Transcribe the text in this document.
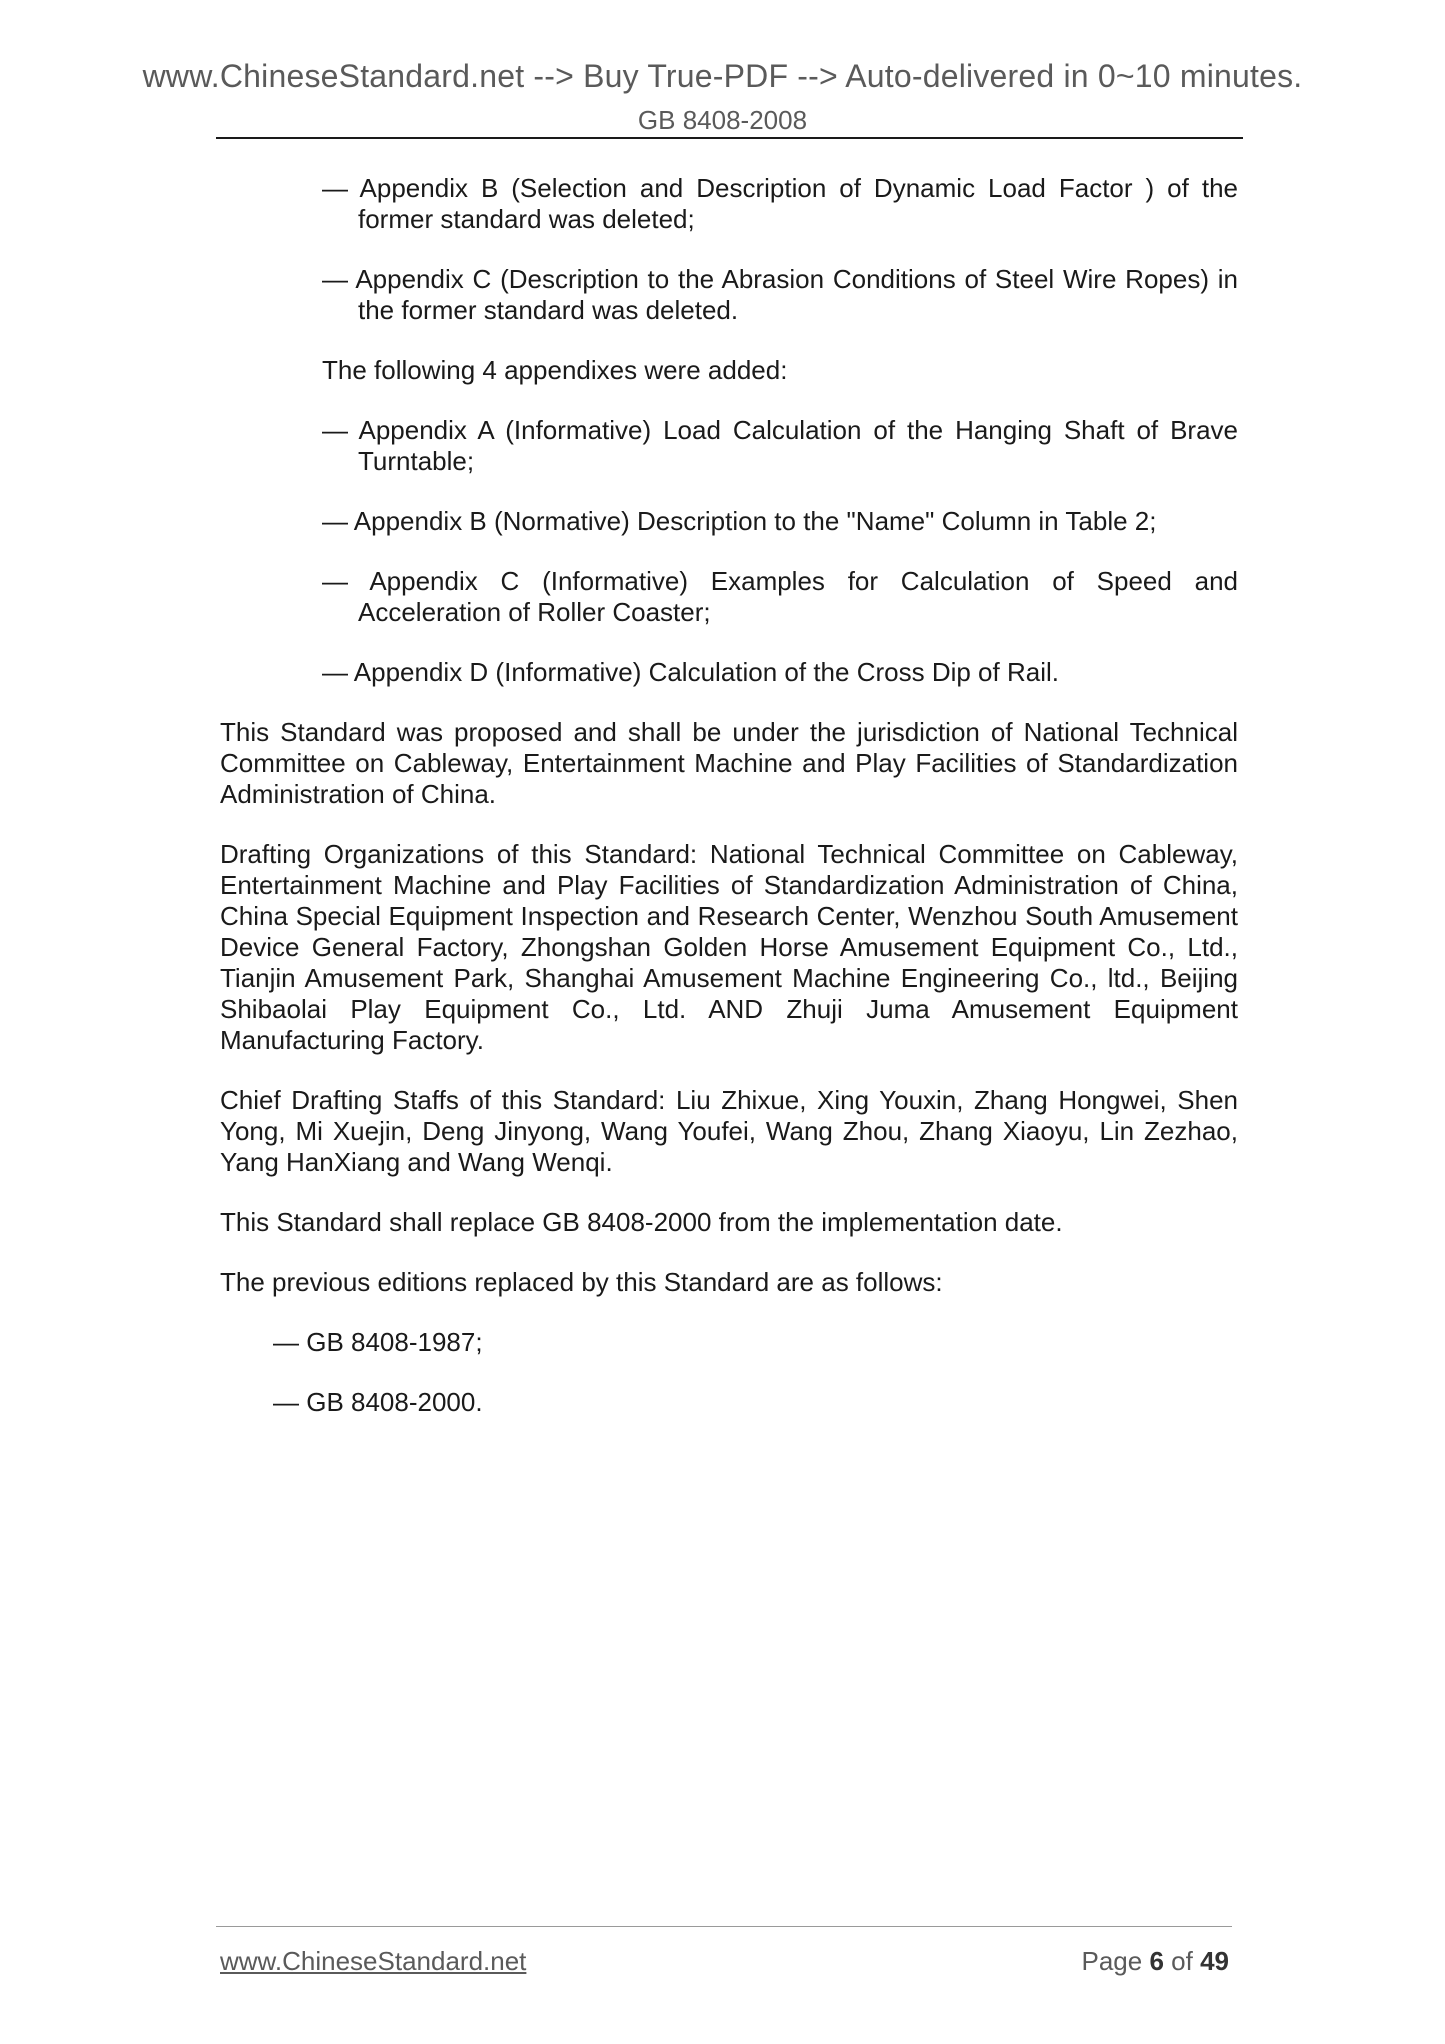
www.ChineseStandard.net --> Buy True-PDF --> Auto-delivered in 0~10 minutes.
GB 8408-2008

— Appendix B (Selection and Description of Dynamic Load Factor ) of the former standard was deleted;

— Appendix C (Description to the Abrasion Conditions of Steel Wire Ropes) in the former standard was deleted.

The following 4 appendixes were added:

— Appendix A (Informative) Load Calculation of the Hanging Shaft of Brave Turntable;

— Appendix B (Normative) Description to the "Name" Column in Table 2;

— Appendix C (Informative) Examples for Calculation of Speed and Acceleration of Roller Coaster;

— Appendix D (Informative) Calculation of the Cross Dip of Rail.

This Standard was proposed and shall be under the jurisdiction of National Technical Committee on Cableway, Entertainment Machine and Play Facilities of Standardization Administration of China.

Drafting Organizations of this Standard: National Technical Committee on Cableway, Entertainment Machine and Play Facilities of Standardization Administration of China, China Special Equipment Inspection and Research Center, Wenzhou South Amusement Device General Factory, Zhongshan Golden Horse Amusement Equipment Co., Ltd., Tianjin Amusement Park, Shanghai Amusement Machine Engineering Co., ltd., Beijing Shibaolai Play Equipment Co., Ltd. AND Zhuji Juma Amusement Equipment Manufacturing Factory.

Chief Drafting Staffs of this Standard: Liu Zhixue, Xing Youxin, Zhang Hongwei, Shen Yong, Mi Xuejin, Deng Jinyong, Wang Youfei, Wang Zhou, Zhang Xiaoyu, Lin Zezhao, Yang HanXiang and Wang Wenqi.

This Standard shall replace GB 8408-2000 from the implementation date.

The previous editions replaced by this Standard are as follows:

— GB 8408-1987;

— GB 8408-2000.

www.ChineseStandard.net	Page 6 of 49
